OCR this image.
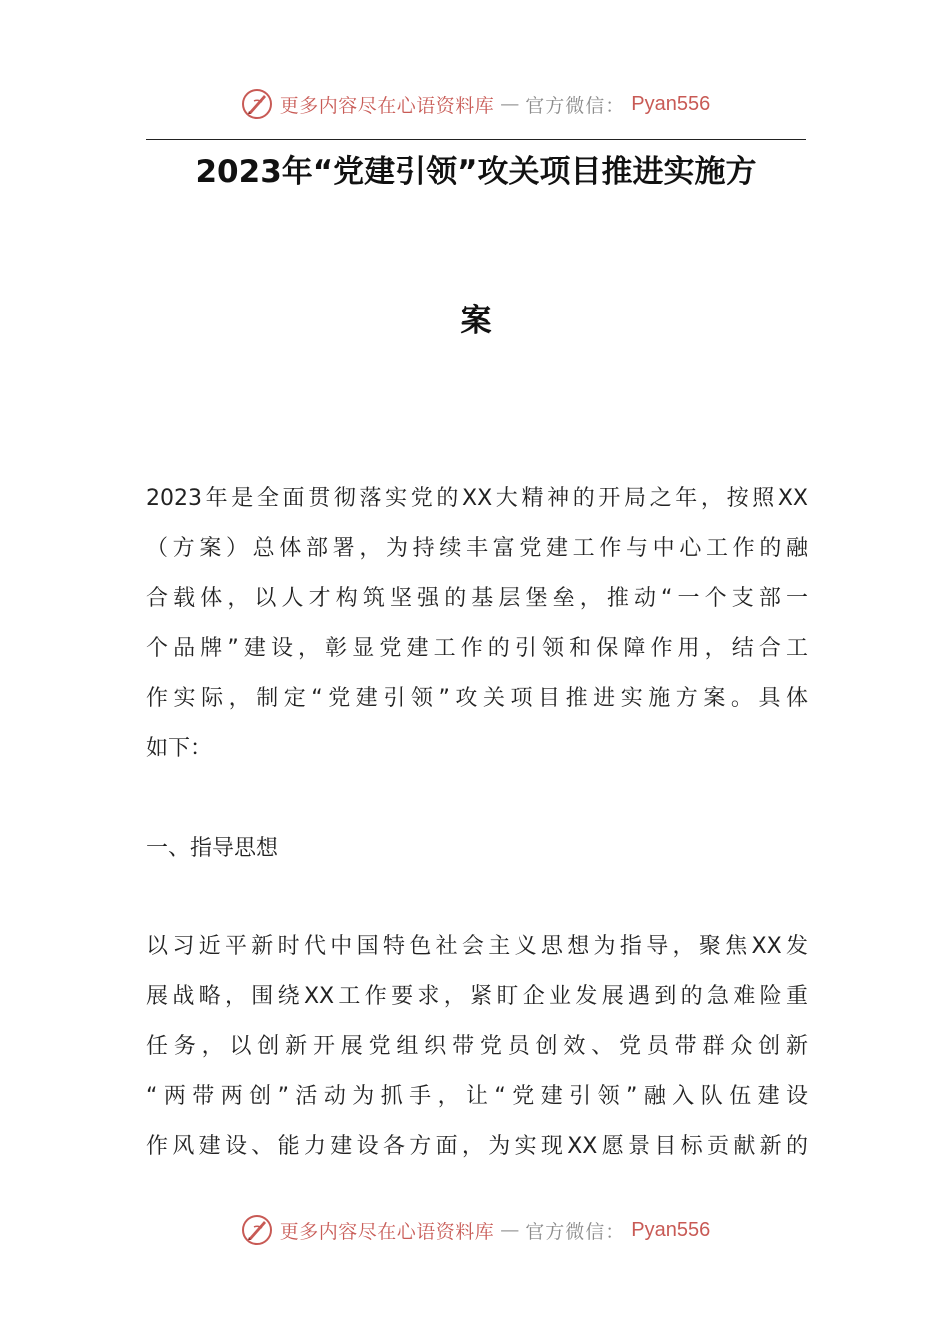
更多内容尽在心语资料库 — 官方微信： Pyan556
2023年“党建引领”攻关项目推进实施方
案
2023年是全面贯彻落实党的XX大精神的开局之年，按照XX
（方案）总体部署，为持续丰富党建工作与中心工作的融
合载体，以人才构筑坚强的基层堡垒，推动“一个支部一
个品牌”建设，彰显党建工作的引领和保障作用，结合工
作实际，制定“党建引领”攻关项目推进实施方案。具体
如下：
一、指导思想
以习近平新时代中国特色社会主义思想为指导，聚焦XX发
展战略，围绕XX工作要求，紧盯企业发展遇到的急难险重
任务，以创新开展党组织带党员创效、党员带群众创新
“两带两创”活动为抓手，让“党建引领”融入队伍建设
作风建设、能力建设各方面，为实现XX愿景目标贡献新的
更多内容尽在心语资料库 — 官方微信： Pyan556
